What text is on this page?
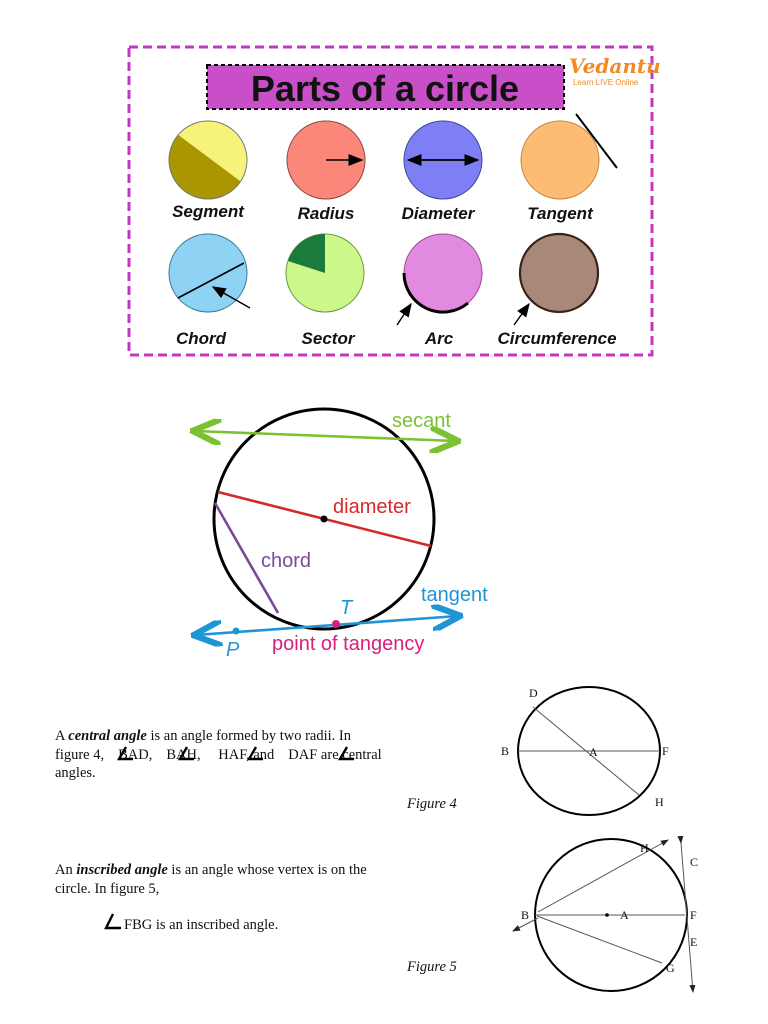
Parts of a circle
Vedantu
Learn LIVE Online
Segment	Radius	Diameter	Tangent
Chord	Sector	Arc	Circumference
secant
diameter
chord
tangent
P
T
point of tangency
A central angle is an angle formed by two radii. In
figure 4, BAD, BAH, HAF, and DAF are central
angles.
Figure 4
D
B	A	F
H
An inscribed angle is an angle whose vertex is on the
circle. In figure 5,
FBG is an inscribed angle.
Figure 5
H
C
B	A	F
E
G
